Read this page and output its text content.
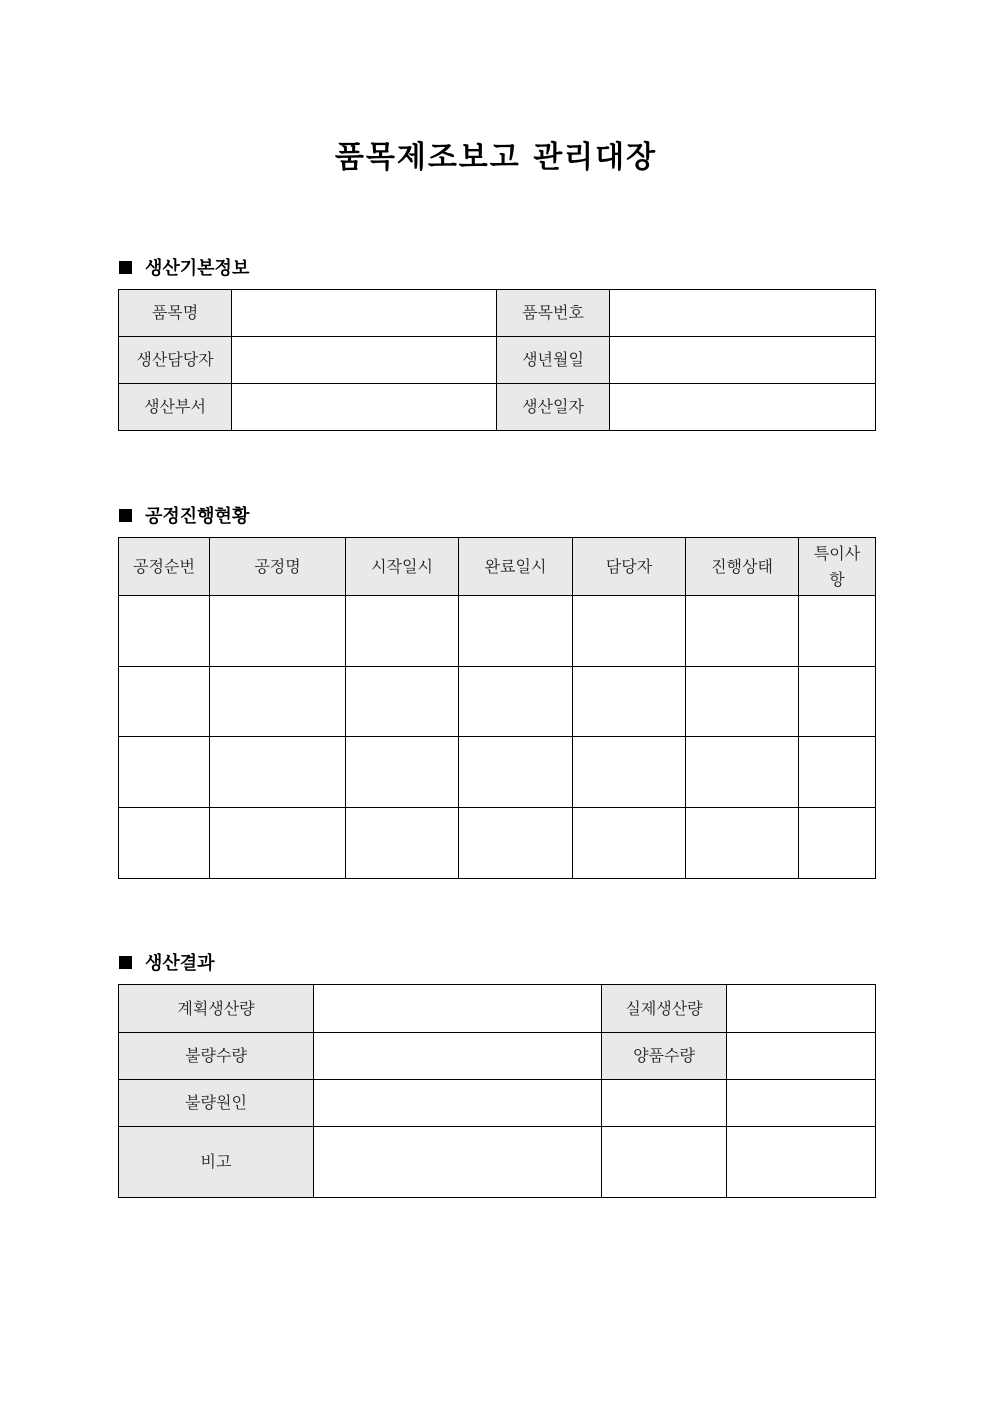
품목제조보고 관리대장
생산기본정보
품목명		품목번호	
생산담당자		생년월일	
생산부서		생산일자	
공정진행현황
공정순번	공정명	시작일시	완료일시	담당자	진행상태	특이사항

생산결과
계획생산량		실제생산량	
불량수량		양품수량	
불량원인			
비고			
